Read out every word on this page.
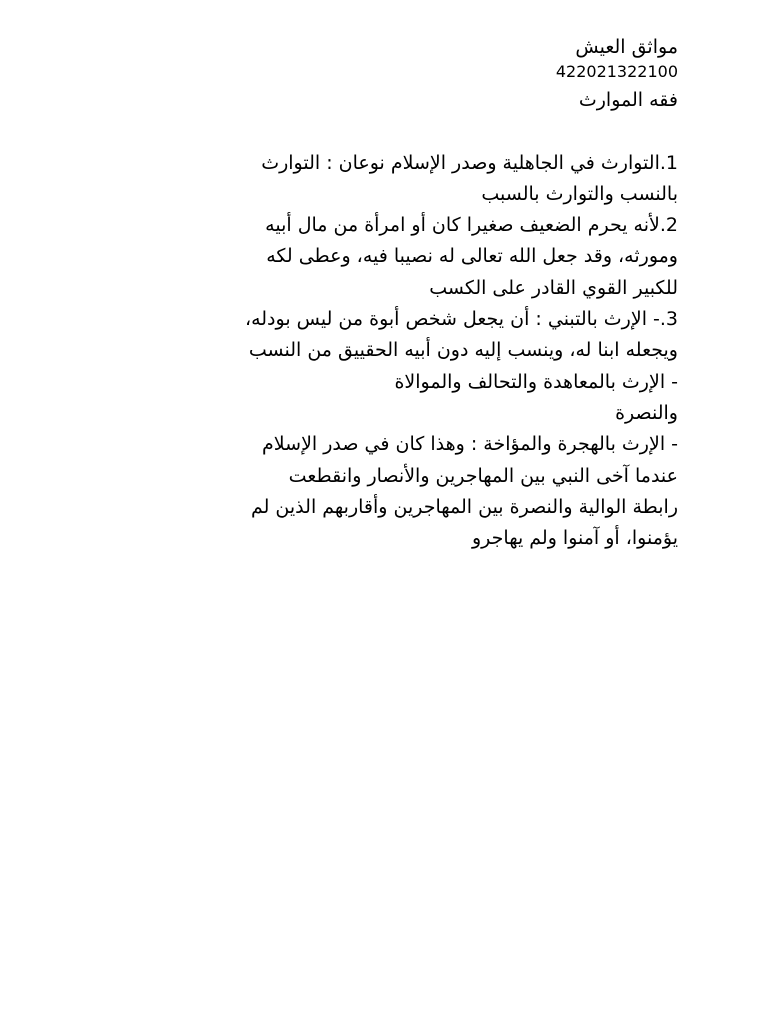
مواثق العيش
422021322100
فقه الموارث
1.التوارث في الجاهلية وصدر الإسلام نوعان : التوارث
بالنسب والتوارث بالسبب
2.لأنه يحرم الضعيف صغيرا كان أو امرأة من مال أبيه
ومورثه، وقد جعل الله تعالى له نصيبا فيه، وعطى لكه
للكبير القوي القادر على الكسب
3.- الإرث بالتبني : أن يجعل شخص أبوة من ليس بودله،
ويجعله ابنا له، وينسب إليه دون أبيه الحقييق من النسب
- الإرث بالمعاهدة والتحالف والموالاة
والنصرة
- الإرث بالهجرة والمؤاخة : وهذا كان في صدر الإسلام
عندما آخى النبي بين المهاجرين والأنصار وانقطعت
رابطة الوالية والنصرة بين المهاجرين وأقاربهم الذين لم
يؤمنوا، أو آمنوا ولم يهاجرو
